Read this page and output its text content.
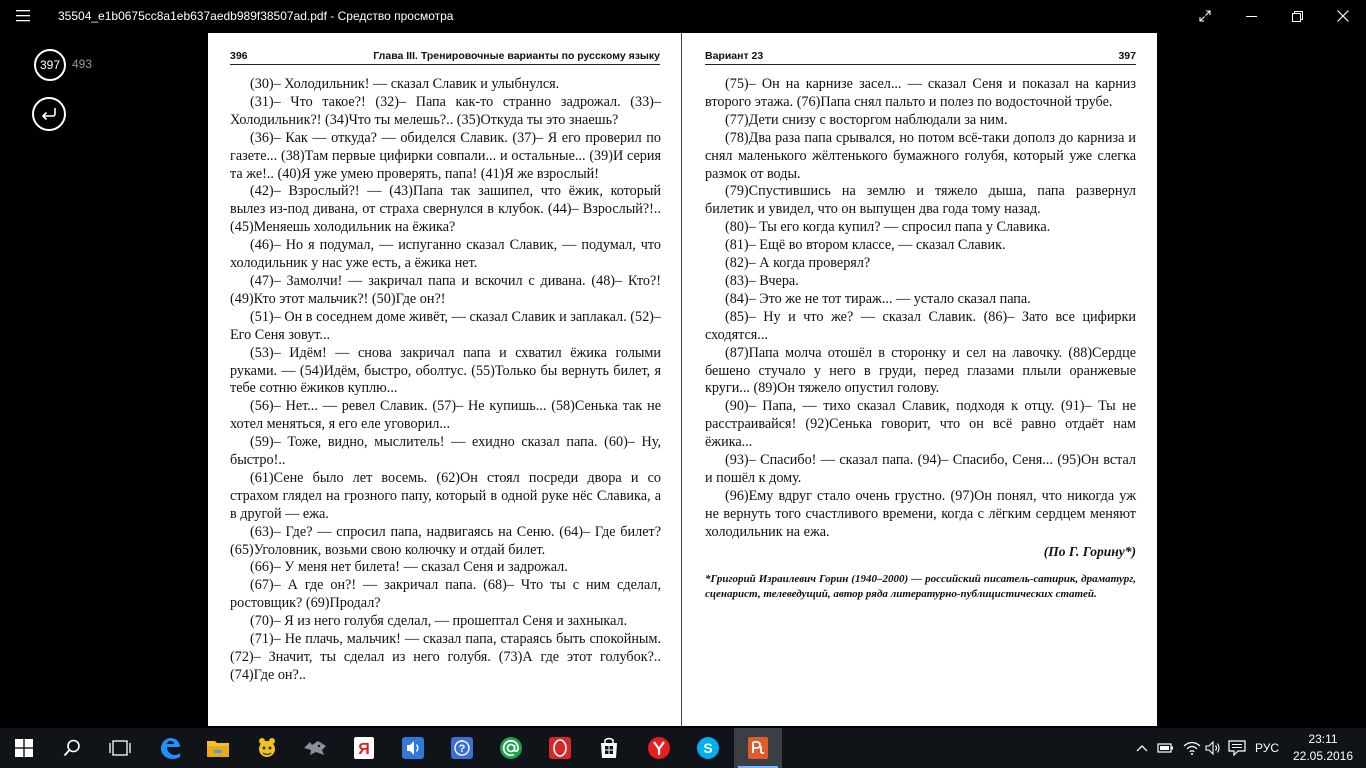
35504_e1b0675cc8a1eb637aedb989f38507ad.pdf - Средство просмотра
397 493
396	Глава III. Тренировочные варианты по русскому языку

(30)– Холодильник! — сказал Славик и улыбнулся.

(31)– Что такое?! (32)– Папа как-то странно задрожал. (33)– Холодильник?! (34)Что ты мелешь?.. (35)Откуда ты это знаешь?

(36)– Как — откуда? — обиделся Славик. (37)– Я его проверил по газете... (38)Там первые цифирки совпали... и остальные... (39)И серия та же!.. (40)Я уже умею проверять, папа! (41)Я же взрослый!

(42)– Взрослый?! — (43)Папа так зашипел, что ёжик, который вылез из-под дивана, от страха свернулся в клубок. (44)– Взрослый?!.. (45)Меняешь холодильник на ёжика?

(46)– Но я подумал, — испуганно сказал Славик, — подумал, что холодильник у нас уже есть, а ёжика нет.

(47)– Замолчи! — закричал папа и вскочил с дивана. (48)– Кто?! (49)Кто этот мальчик?! (50)Где он?!

(51)– Он в соседнем доме живёт, — сказал Славик и заплакал. (52)– Его Сеня зовут...

(53)– Идём! — снова закричал папа и схватил ёжика голыми руками. — (54)Идём, быстро, оболтус. (55)Только бы вернуть билет, я тебе сотню ёжиков куплю...

(56)– Нет... — ревел Славик. (57)– Не купишь... (58)Сенька так не хотел меняться, я его еле уговорил...

(59)– Тоже, видно, мыслитель! — ехидно сказал папа. (60)– Ну, быстро!..

(61)Сене было лет восемь. (62)Он стоял посреди двора и со страхом глядел на грозного папу, который в одной руке нёс Славика, а в другой — ежа.

(63)– Где? — спросил папа, надвигаясь на Сеню. (64)– Где билет? (65)Уголовник, возьми свою колючку и отдай билет.

(66)– У меня нет билета! — сказал Сеня и задрожал.

(67)– А где он?! — закричал папа. (68)– Что ты с ним сделал, ростовщик? (69)Продал?

(70)– Я из него голубя сделал, — прошептал Сеня и захныкал.

(71)– Не плачь, мальчик! — сказал папа, стараясь быть спокойным. (72)– Значит, ты сделал из него голубя. (73)А где этот голубок?.. (74)Где он?..

Вариант 23	397

(75)– Он на карнизе засел... — сказал Сеня и показал на карниз второго этажа. (76)Папа снял пальто и полез по водосточной трубе.

(77)Дети снизу с восторгом наблюдали за ним.

(78)Два раза папа срывался, но потом всё-таки дополз до карниза и снял маленького жёлтенького бумажного голубя, который уже слегка размок от воды.

(79)Спустившись на землю и тяжело дыша, папа развернул билетик и увидел, что он выпущен два года тому назад.

(80)– Ты его когда купил? — спросил папа у Славика.

(81)– Ещё во втором классе, — сказал Славик.

(82)– А когда проверял?

(83)– Вчера.

(84)– Это же не тот тираж... — устало сказал папа.

(85)– Ну и что же? — сказал Славик. (86)– Зато все цифирки сходятся...

(87)Папа молча отошёл в сторонку и сел на лавочку. (88)Сердце бешено стучало у него в груди, перед глазами плыли оранжевые круги... (89)Он тяжело опустил голову.

(90)– Папа, — тихо сказал Славик, подходя к отцу. (91)– Ты не расстраивайся! (92)Сенька говорит, что он всё равно отдаёт нам ёжика...

(93)– Спасибо! — сказал папа. (94)– Спасибо, Сеня... (95)Он встал и пошёл к дому.

(96)Ему вдруг стало очень грустно. (97)Он понял, что никогда уж не вернуть того счастливого времени, когда с лёгким сердцем меняют холодильник на ежа.

(По Г. Горину*)

*Григорий Израилевич Горин (1940–2000) — российский писатель-сатирик, драматург, сценарист, телеведущий, автор ряда литературно-публицистических статей.

Я	?	S	РУС
23:11
22.05.2016
